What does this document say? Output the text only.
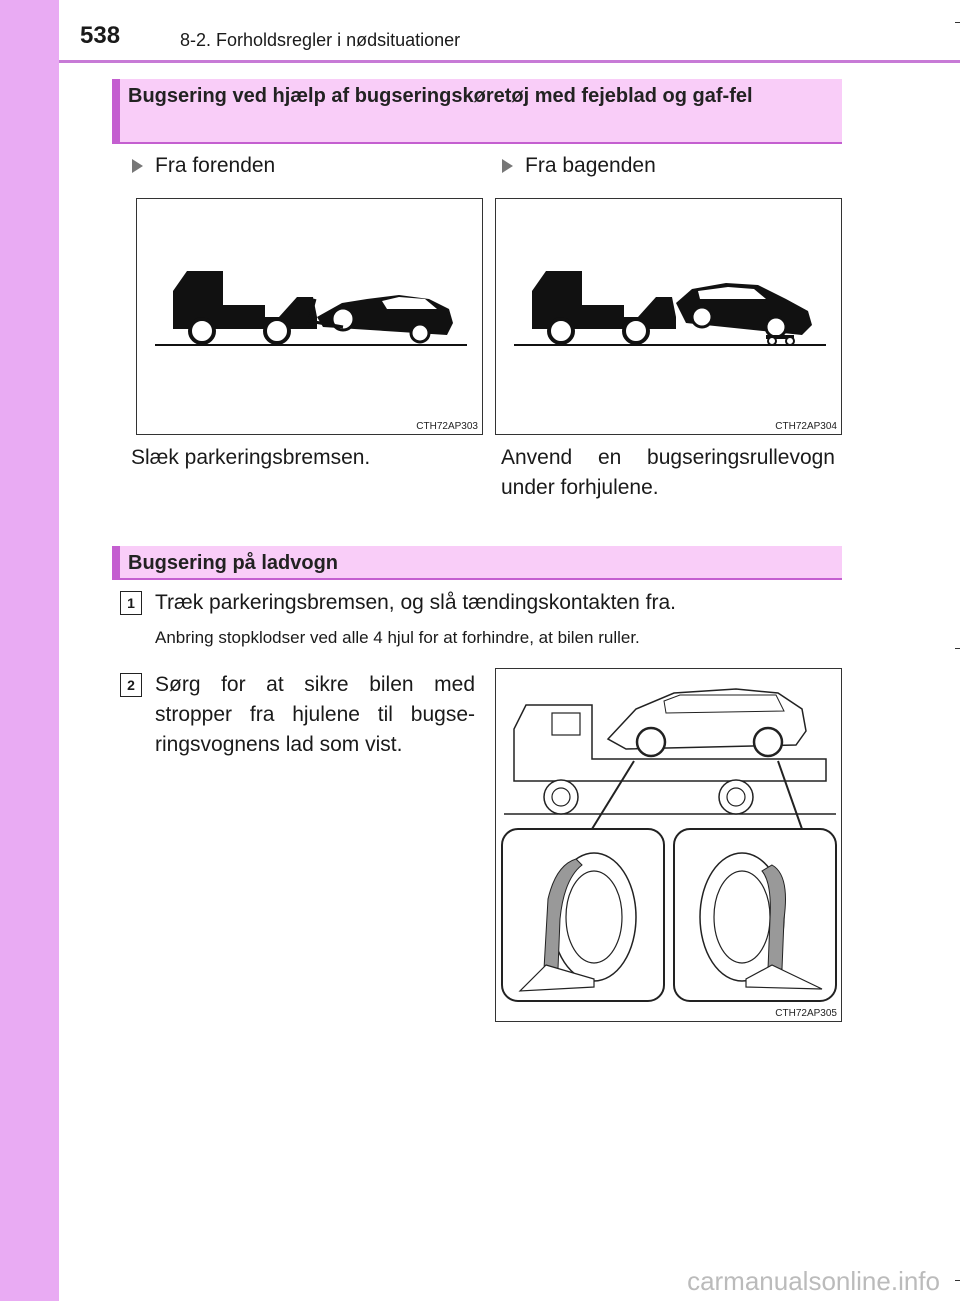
538	8-2. Forholdsregler i nødsituationer
Bugsering ved hjælp af bugseringskøretøj med fejeblad og gaf-fel
Fra forenden	Fra bagenden
CTH72AP303	CTH72AP304
Slæk parkeringsbremsen.	Anvend en bugseringsrullevogn
under forhjulene.
Bugsering på ladvogn
1 Træk parkeringsbremsen, og slå tændingskontakten fra.
Anbring stopklodser ved alle 4 hjul for at forhindre, at bilen ruller.
2 Sørg for at sikre bilen med
stropper fra hjulene til bugse-
ringsvognens lad som vist.
CTH72AP305
carmanualsonline.info
